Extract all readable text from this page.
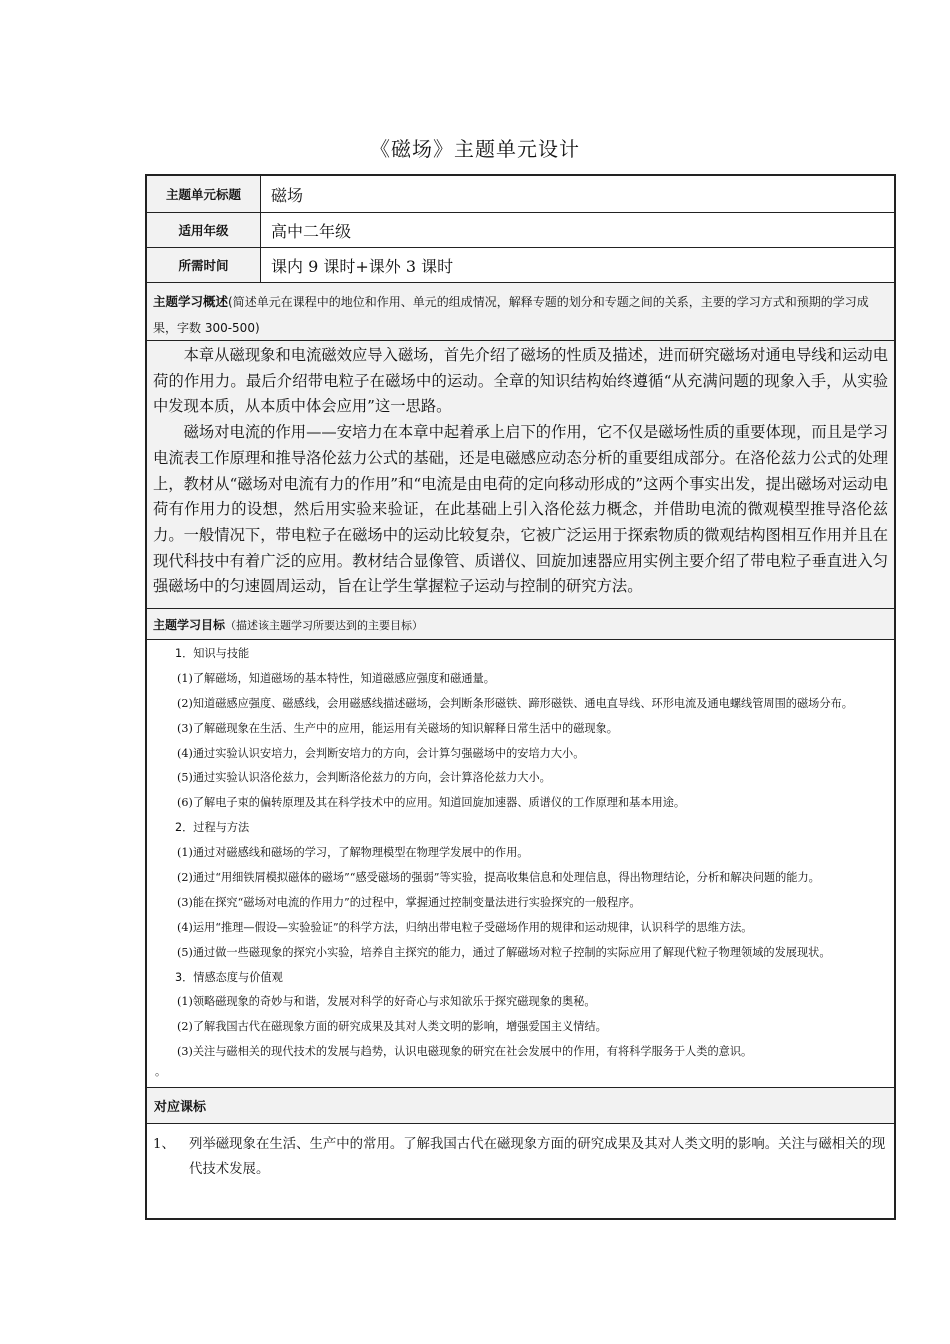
《磁场》主题单元设计
主题单元标题	磁场
适用年级	高中二年级
所需时间	课内 9 课时+课外 3 课时
主题学习概述(简述单元在课程中的地位和作用、单元的组成情况，解释专题的划分和专题之间的关系，主要的学习方式和预期的学习成果，字数 300-500)

本章从磁现象和电流磁效应导入磁场，首先介绍了磁场的性质及描述，进而研究磁场对通电导线和运动电荷的作用力。最后介绍带电粒子在磁场中的运动。全章的知识结构始终遵循“从充满问题的现象入手，从实验中发现本质，从本质中体会应用”这一思路。

磁场对电流的作用——安培力在本章中起着承上启下的作用，它不仅是磁场性质的重要体现，而且是学习电流表工作原理和推导洛伦兹力公式的基础，还是电磁感应动态分析的重要组成部分。在洛伦兹力公式的处理上，教材从“磁场对电流有力的作用”和“电流是由电荷的定向移动形成的”这两个事实出发，提出磁场对运动电荷有作用力的设想，然后用实验来验证，在此基础上引入洛伦兹力概念，并借助电流的微观模型推导洛伦兹力。一般情况下，带电粒子在磁场中的运动比较复杂，它被广泛运用于探索物质的微观结构图相互作用并且在现代科技中有着广泛的应用。教材结合显像管、质谱仪、回旋加速器应用实例主要介绍了带电粒子垂直进入匀强磁场中的匀速圆周运动，旨在让学生掌握粒子运动与控制的研究方法。

主题学习目标（描述该主题学习所要达到的主要目标）
1．知识与技能
(1)了解磁场，知道磁场的基本特性，知道磁感应强度和磁通量。
(2)知道磁感应强度、磁感线，会用磁感线描述磁场，会判断条形磁铁、蹄形磁铁、通电直导线、环形电流及通电螺线管周围的磁场分布。
(3)了解磁现象在生活、生产中的应用，能运用有关磁场的知识解释日常生活中的磁现象。
(4)通过实验认识安培力，会判断安培力的方向，会计算匀强磁场中的安培力大小。
(5)通过实验认识洛伦兹力，会判断洛伦兹力的方向，会计算洛伦兹力大小。
(6)了解电子束的偏转原理及其在科学技术中的应用。知道回旋加速器、质谱仪的工作原理和基本用途。
2．过程与方法
(1)通过对磁感线和磁场的学习，了解物理模型在物理学发展中的作用。
(2)通过“用细铁屑模拟磁体的磁场”“感受磁场的强弱”等实验，提高收集信息和处理信息，得出物理结论，分析和解决问题的能力。
(3)能在探究“磁场对电流的作用力”的过程中，掌握通过控制变量法进行实验探究的一般程序。
(4)运用“推理—假设—实验验证”的科学方法，归纳出带电粒子受磁场作用的规律和运动规律，认识科学的思维方法。
(5)通过做一些磁现象的探究小实验，培养自主探究的能力，通过了解磁场对粒子控制的实际应用了解现代粒子物理领域的发展现状。
3．情感态度与价值观
(1)领略磁现象的奇妙与和谐，发展对科学的好奇心与求知欲乐于探究磁现象的奥秘。
(2)了解我国古代在磁现象方面的研究成果及其对人类文明的影响，增强爱国主义情结。
(3)关注与磁相关的现代技术的发展与趋势，认识电磁现象的研究在社会发展中的作用，有将科学服务于人类的意识。
。
对应课标
1、	列举磁现象在生活、生产中的常用。了解我国古代在磁现象方面的研究成果及其对人类文明的影响。关注与磁相关的现代技术发展。
